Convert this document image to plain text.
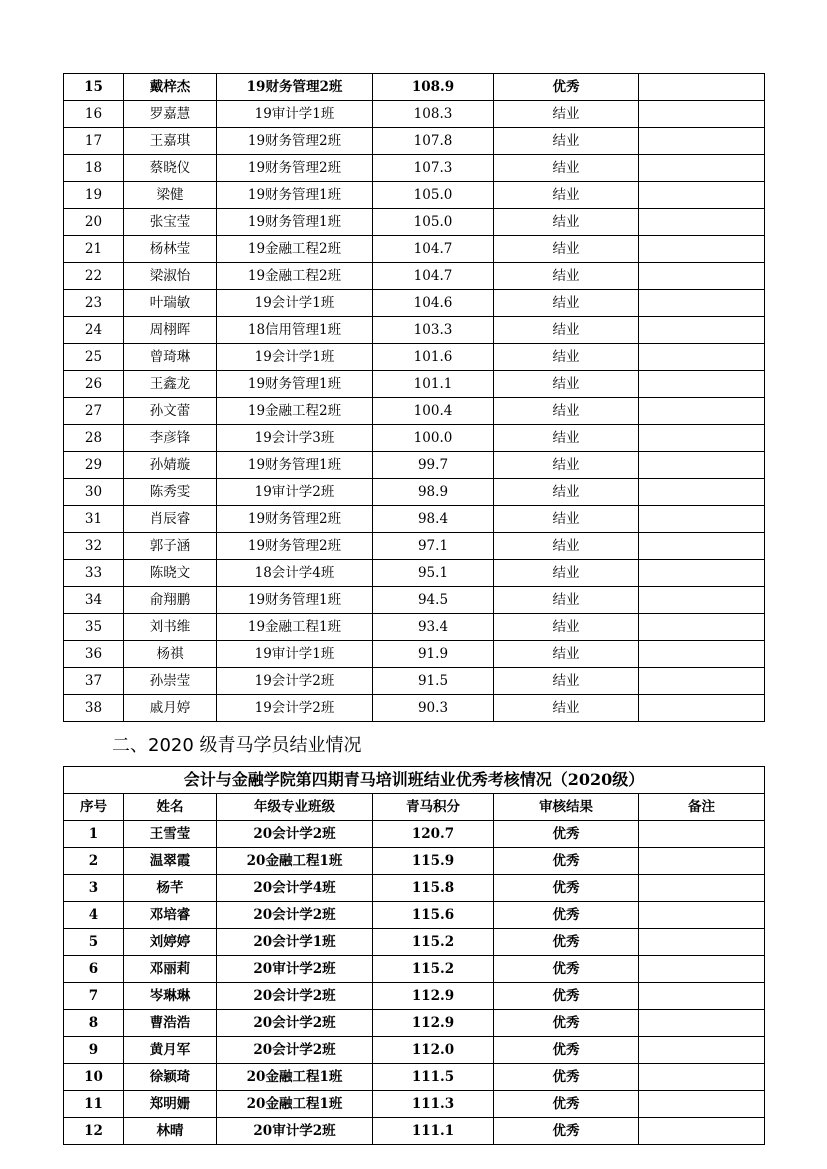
15	戴梓杰	19财务管理2班	108.9	优秀	
16	罗嘉慧	19审计学1班	108.3	结业	
17	王嘉琪	19财务管理2班	107.8	结业	
18	蔡晓仪	19财务管理2班	107.3	结业	
19	梁健	19财务管理1班	105.0	结业	
20	张宝莹	19财务管理1班	105.0	结业	
21	杨林莹	19金融工程2班	104.7	结业	
22	梁淑怡	19金融工程2班	104.7	结业	
23	叶瑞敏	19会计学1班	104.6	结业	
24	周栩晖	18信用管理1班	103.3	结业	
25	曾琦琳	19会计学1班	101.6	结业	
26	王鑫龙	19财务管理1班	101.1	结业	
27	孙文蕾	19金融工程2班	100.4	结业	
28	李彦锋	19会计学3班	100.0	结业	
29	孙婧璇	19财务管理1班	99.7	结业	
30	陈秀雯	19审计学2班	98.9	结业	
31	肖辰睿	19财务管理2班	98.4	结业	
32	郭子涵	19财务管理2班	97.1	结业	
33	陈晓文	18会计学4班	95.1	结业	
34	俞翔鹏	19财务管理1班	94.5	结业	
35	刘书维	19金融工程1班	93.4	结业	
36	杨祺	19审计学1班	91.9	结业	
37	孙崇莹	19会计学2班	91.5	结业	
38	戚月婷	19会计学2班	90.3	结业	
二、2020 级青马学员结业情况
会计与金融学院第四期青马培训班结业优秀考核情况（2020级）					
序号	姓名	年级专业班级	青马积分	审核结果	备注
1	王雪莹	20会计学2班	120.7	优秀	
2	温翠霞	20金融工程1班	115.9	优秀	
3	杨芊	20会计学4班	115.8	优秀	
4	邓培睿	20会计学2班	115.6	优秀	
5	刘婷婷	20会计学1班	115.2	优秀	
6	邓丽莉	20审计学2班	115.2	优秀	
7	岑琳琳	20会计学2班	112.9	优秀	
8	曹浩浩	20会计学2班	112.9	优秀	
9	黄月军	20会计学2班	112.0	优秀	
10	徐颖琦	20金融工程1班	111.5	优秀	
11	郑明姗	20金融工程1班	111.3	优秀	
12	林晴	20审计学2班	111.1	优秀	
